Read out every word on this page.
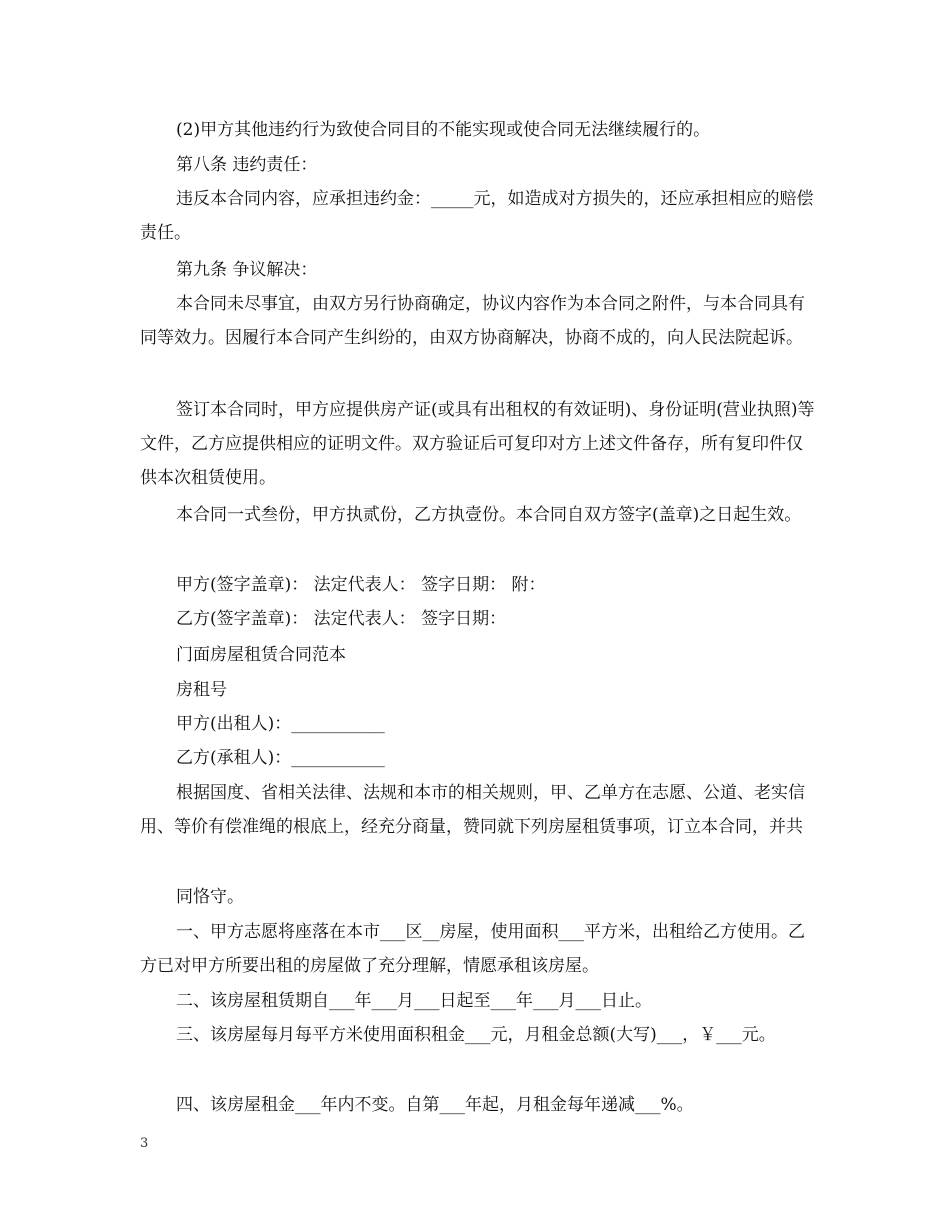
(2)甲方其他违约行为致使合同目的不能实现或使合同无法继续履行的。
第八条 违约责任：
违反本合同内容，应承担违约金：_____元，如造成对方损失的，还应承担相应的赔偿责任。
第九条 争议解决：
本合同未尽事宜，由双方另行协商确定，协议内容作为本合同之附件，与本合同具有同等效力。因履行本合同产生纠纷的，由双方协商解决，协商不成的，向人民法院起诉。
签订本合同时，甲方应提供房产证(或具有出租权的有效证明)、身份证明(营业执照)等文件，乙方应提供相应的证明文件。双方验证后可复印对方上述文件备存，所有复印件仅供本次租赁使用。
本合同一式叁份，甲方执贰份，乙方执壹份。本合同自双方签字(盖章)之日起生效。
甲方(签字盖章)： 法定代表人： 签字日期： 附：
乙方(签字盖章)： 法定代表人： 签字日期：
门面房屋租赁合同范本
房租号
甲方(出租人)：___________
乙方(承租人)：___________
根据国度、省相关法律、法规和本市的相关规则，甲、乙单方在志愿、公道、老实信用、等价有偿准绳的根底上，经充分商量，赞同就下列房屋租赁事项，订立本合同，并共
同恪守。
一、甲方志愿将座落在本市___区__房屋，使用面积___平方米，出租给乙方使用。乙方已对甲方所要出租的房屋做了充分理解，情愿承租该房屋。
二、该房屋租赁期自___年___月___日起至___年___月___日止。
三、该房屋每月每平方米使用面积租金___元，月租金总额(大写)___，￥___元。
四、该房屋租金___年内不变。自第___年起，月租金每年递减___%。
3
